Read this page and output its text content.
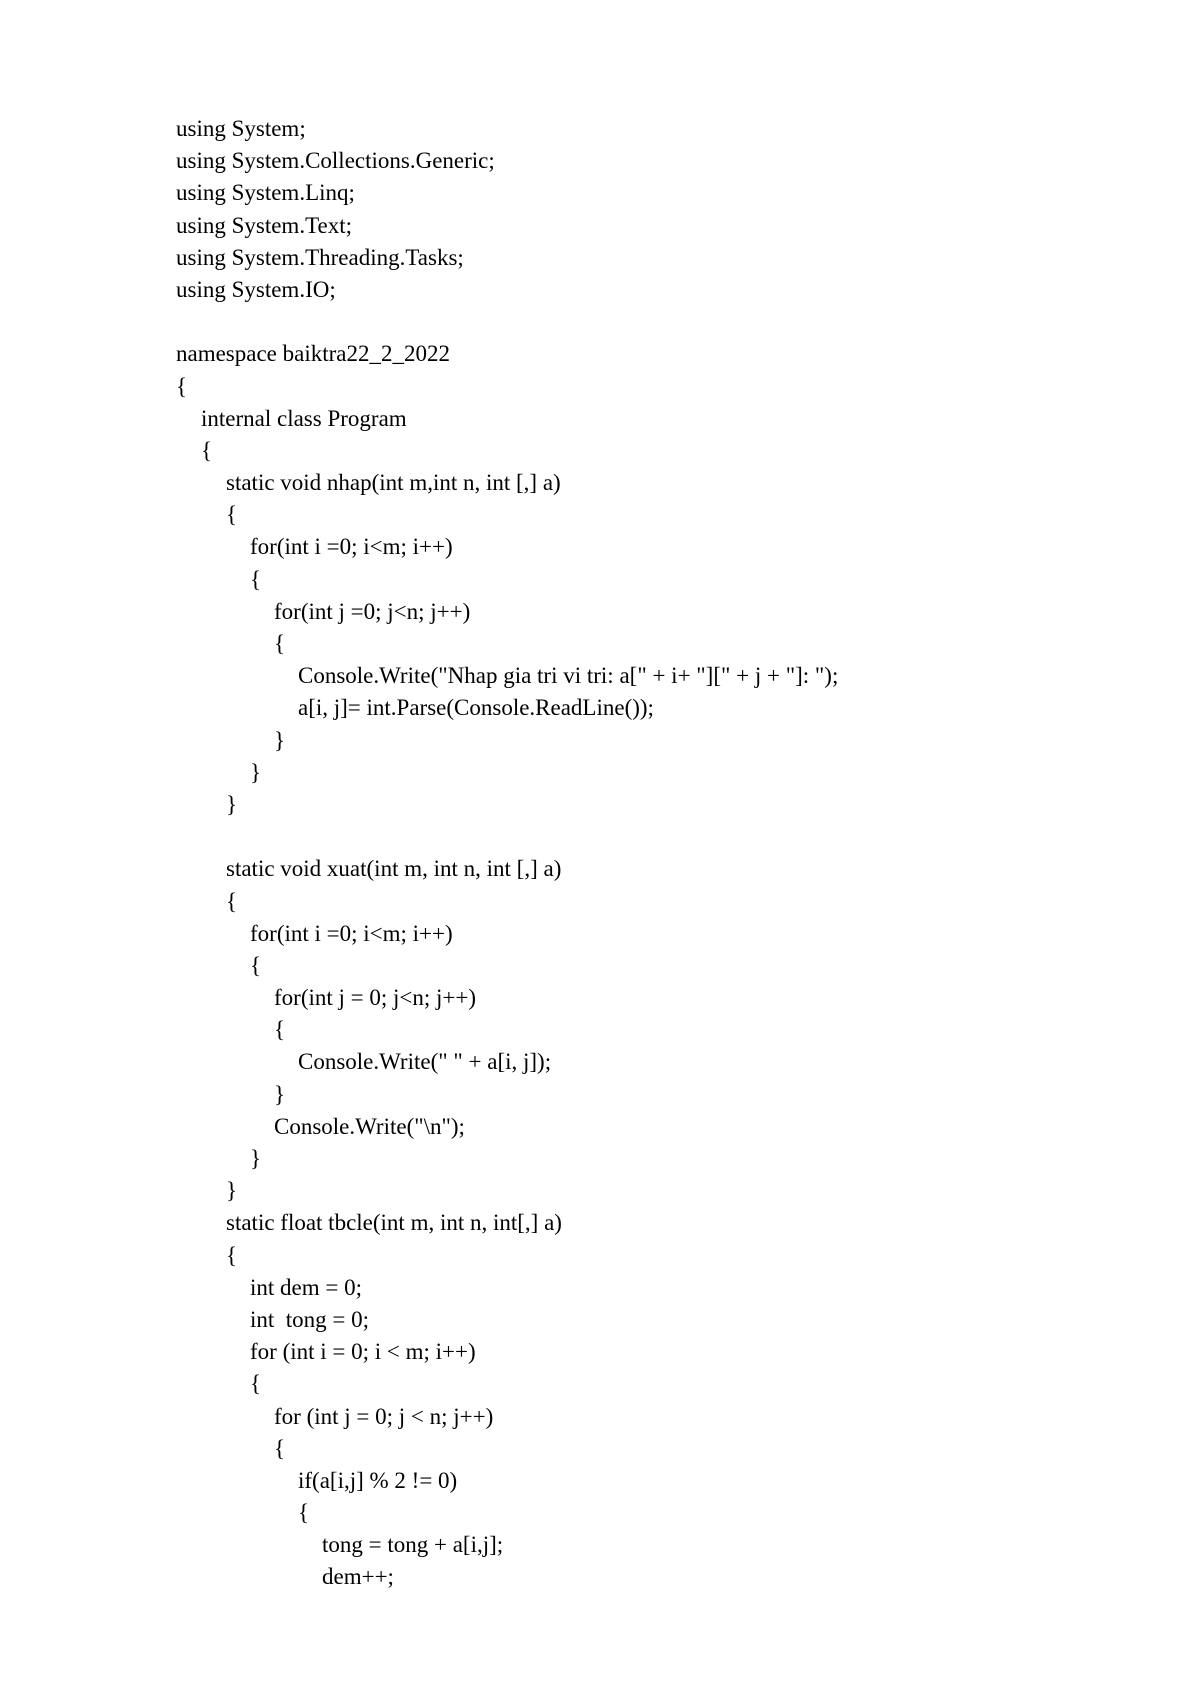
using System;
using System.Collections.Generic;
using System.Linq;
using System.Text;
using System.Threading.Tasks;
using System.IO;
namespace baiktra22_2_2022
{
internal class Program
{
static void nhap(int m,int n, int [,] a)
{
for(int i =0; i<m; i++)
{
for(int j =0; j<n; j++)
{
Console.Write("Nhap gia tri vi tri: a[" + i+ "][" + j + "]: ");
a[i, j]= int.Parse(Console.ReadLine());
}
}
}
static void xuat(int m, int n, int [,] a)
{
for(int i =0; i<m; i++)
{
for(int j = 0; j<n; j++)
{
Console.Write(" " + a[i, j]);
}
Console.Write("\n");
}
}
static float tbcle(int m, int n, int[,] a)
{
int dem = 0;
int  tong = 0;
for (int i = 0; i < m; i++)
{
for (int j = 0; j < n; j++)
{
if(a[i,j] % 2 != 0)
{
tong = tong + a[i,j];
dem++;
